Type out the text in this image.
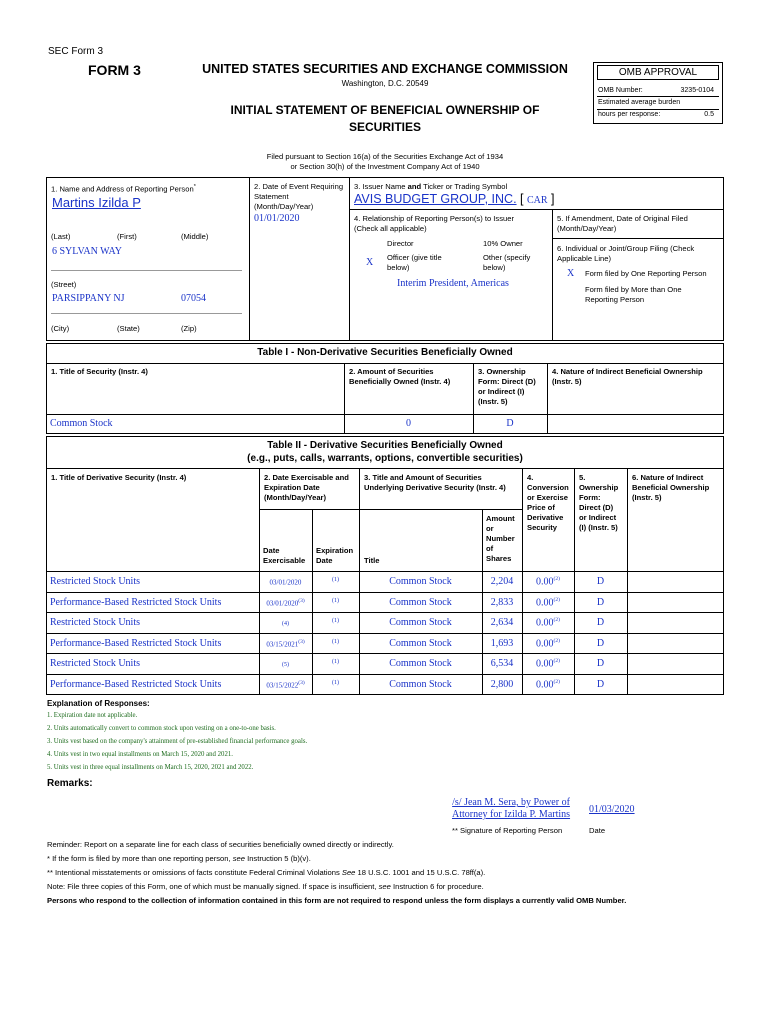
SEC Form 3
FORM 3	UNITED STATES SECURITIES AND EXCHANGE COMMISSION
Washington, D.C. 20549
INITIAL STATEMENT OF BENEFICIAL OWNERSHIP OF
SECURITIES
OMB APPROVAL
OMB Number:	3235-0104
Estimated average burden
hours per response:	0.5
Filed pursuant to Section 16(a) of the Securities Exchange Act of 1934
or Section 30(h) of the Investment Company Act of 1940
1. Name and Address of Reporting Person*
Martins Izilda P
(Last)	(First)	(Middle)
6 SYLVAN WAY
(Street)
PARSIPPANY NJ	07054
(City)	(State)	(Zip)
2. Date of Event Requiring
Statement
(Month/Day/Year)
01/01/2020
3. Issuer Name and Ticker or Trading Symbol
AVIS BUDGET GROUP, INC. [ CAR ]
4. Relationship of Reporting Person(s) to Issuer
(Check all applicable)
Director	10% Owner
X Officer (give title
below)
Other (specify
below)
Interim President, Americas
5. If Amendment, Date of Original Filed
(Month/Day/Year)
6. Individual or Joint/Group Filing (Check
Applicable Line)
X Form filed by One Reporting Person
Form filed by More than One
Reporting Person
Table I - Non-Derivative Securities Beneficially Owned
1. Title of Security (Instr. 4)	2. Amount of Securities
Beneficially Owned (Instr. 4)
3. Ownership
Form: Direct (D)
or Indirect (I)
(Instr. 5)
4. Nature of Indirect Beneficial Ownership
(Instr. 5)
Common Stock	0	D
Table II - Derivative Securities Beneficially Owned
(e.g., puts, calls, warrants, options, convertible securities)
1. Title of Derivative Security (Instr. 4)	2. Date Exercisable and
Expiration Date
(Month/Day/Year)
3. Title and Amount of Securities
Underlying Derivative Security (Instr. 4)
4.
Conversion
or Exercise
Price of
Derivative
Security
5.
Ownership
Form:
Direct (D)
or Indirect
(I) (Instr. 5)
6. Nature of Indirect
Beneficial Ownership
(Instr. 5)
Date
Exercisable
Expiration
Date	Title
Amount
or
Number
of
Shares
Restricted Stock Units	03/01/2020	(1)	Common Stock	2,204	0.00$^{(2)}$	D
Performance-Based Restricted Stock Units	03/01/2020$^{(3)}$	(1)	Common Stock	2,833	0.00$^{(2)}$	D
Restricted Stock Units	(4)	(1)	Common Stock	2,634	0.00$^{(2)}$	D
Performance-Based Restricted Stock Units	03/15/2021$^{(3)}$	(1)	Common Stock	1,693	0.00$^{(2)}$	D
Restricted Stock Units	(5)	(1)	Common Stock	6,534	0.00$^{(2)}$	D
Performance-Based Restricted Stock Units	03/15/2022$^{(3)}$	(1)	Common Stock	2,800	0.00$^{(2)}$	D
Explanation of Responses:
1. Expiration date not applicable.
2. Units automatically convert to common stock upon vesting on a one-to-one basis.
3. Units vest based on the company's attainment of pre-established financial performance goals.
4. Units vest in two equal installments on March 15, 2020 and 2021.
5. Units vest in three equal installments on March 15, 2020, 2021 and 2022.
Remarks:
/s/ Jean M. Sera, by Power of
Attorney for Izilda P. Martins 01/03/2020
** Signature of Reporting Person	Date
Reminder: Report on a separate line for each class of securities beneficially owned directly or indirectly.
* If the form is filed by more than one reporting person, see Instruction 5 (b)(v).
** Intentional misstatements or omissions of facts constitute Federal Criminal Violations See 18 U.S.C. 1001 and 15 U.S.C. 78ff(a).
Note: File three copies of this Form, one of which must be manually signed. If space is insufficient, see Instruction 6 for procedure.
Persons who respond to the collection of information contained in this form are not required to respond unless the form displays a currently valid OMB Number.
